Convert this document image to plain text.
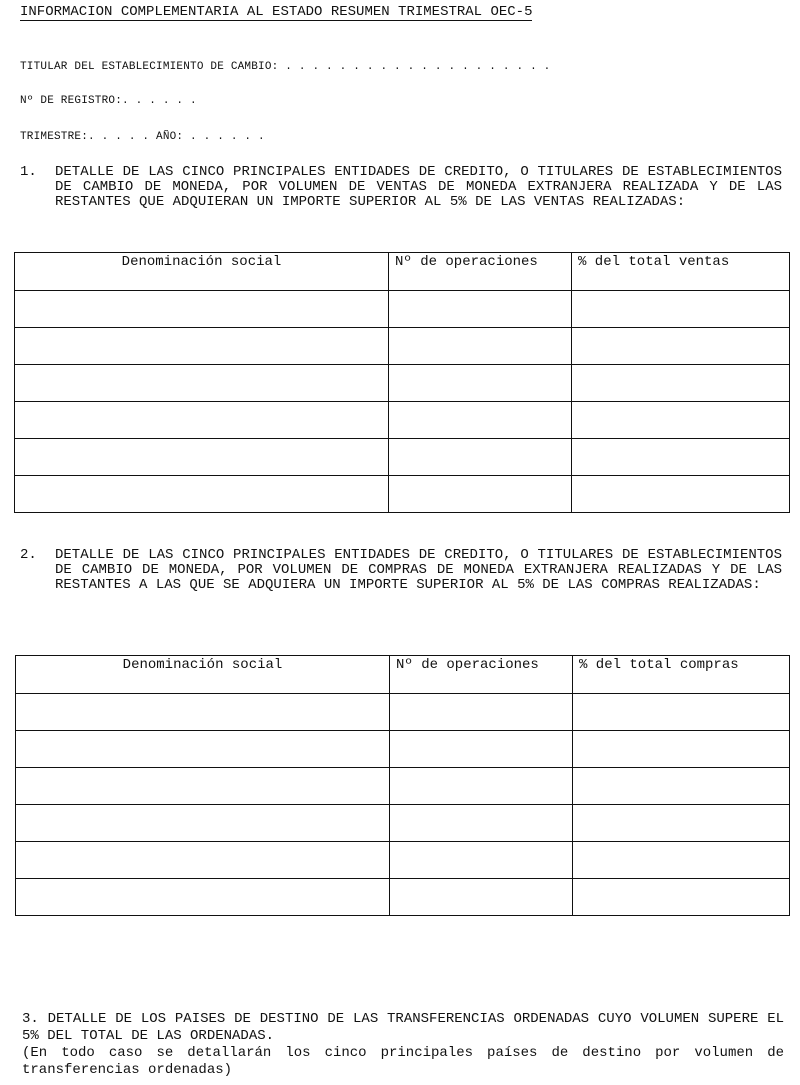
INFORMACION COMPLEMENTARIA AL ESTADO RESUMEN TRIMESTRAL OEC-5
TITULAR DEL ESTABLECIMIENTO DE CAMBIO: . . . . . . . . . . . . . . . . . . . .
Nº DE REGISTRO:. . . . . .
TRIMESTRE:. . . . . AÑO: . . . . . .
1. DETALLE DE LAS CINCO PRINCIPALES ENTIDADES DE CREDITO, O TITULARES DE ESTABLECIMIENTOS DE CAMBIO DE MONEDA, POR VOLUMEN DE VENTAS DE MONEDA EXTRANJERA REALIZADA Y DE LAS RESTANTES QUE ADQUIERAN UN IMPORTE SUPERIOR AL 5% DE LAS VENTAS REALIZADAS:
Denominación social	Nº de operaciones	% del total ventas

2. DETALLE DE LAS CINCO PRINCIPALES ENTIDADES DE CREDITO, O TITULARES DE ESTABLECIMIENTOS DE CAMBIO DE MONEDA, POR VOLUMEN DE COMPRAS DE MONEDA EXTRANJERA REALIZADAS Y DE LAS RESTANTES A LAS QUE SE ADQUIERA UN IMPORTE SUPERIOR AL 5% DE LAS COMPRAS REALIZADAS:
Denominación social	Nº de operaciones	% del total compras

3. DETALLE DE LOS PAISES DE DESTINO DE LAS TRANSFERENCIAS ORDENADAS CUYO VOLUMEN SUPERE EL 5% DEL TOTAL DE LAS ORDENADAS.

(En todo caso se detallarán los cinco principales países de destino por volumen de transferencias ordenadas)
